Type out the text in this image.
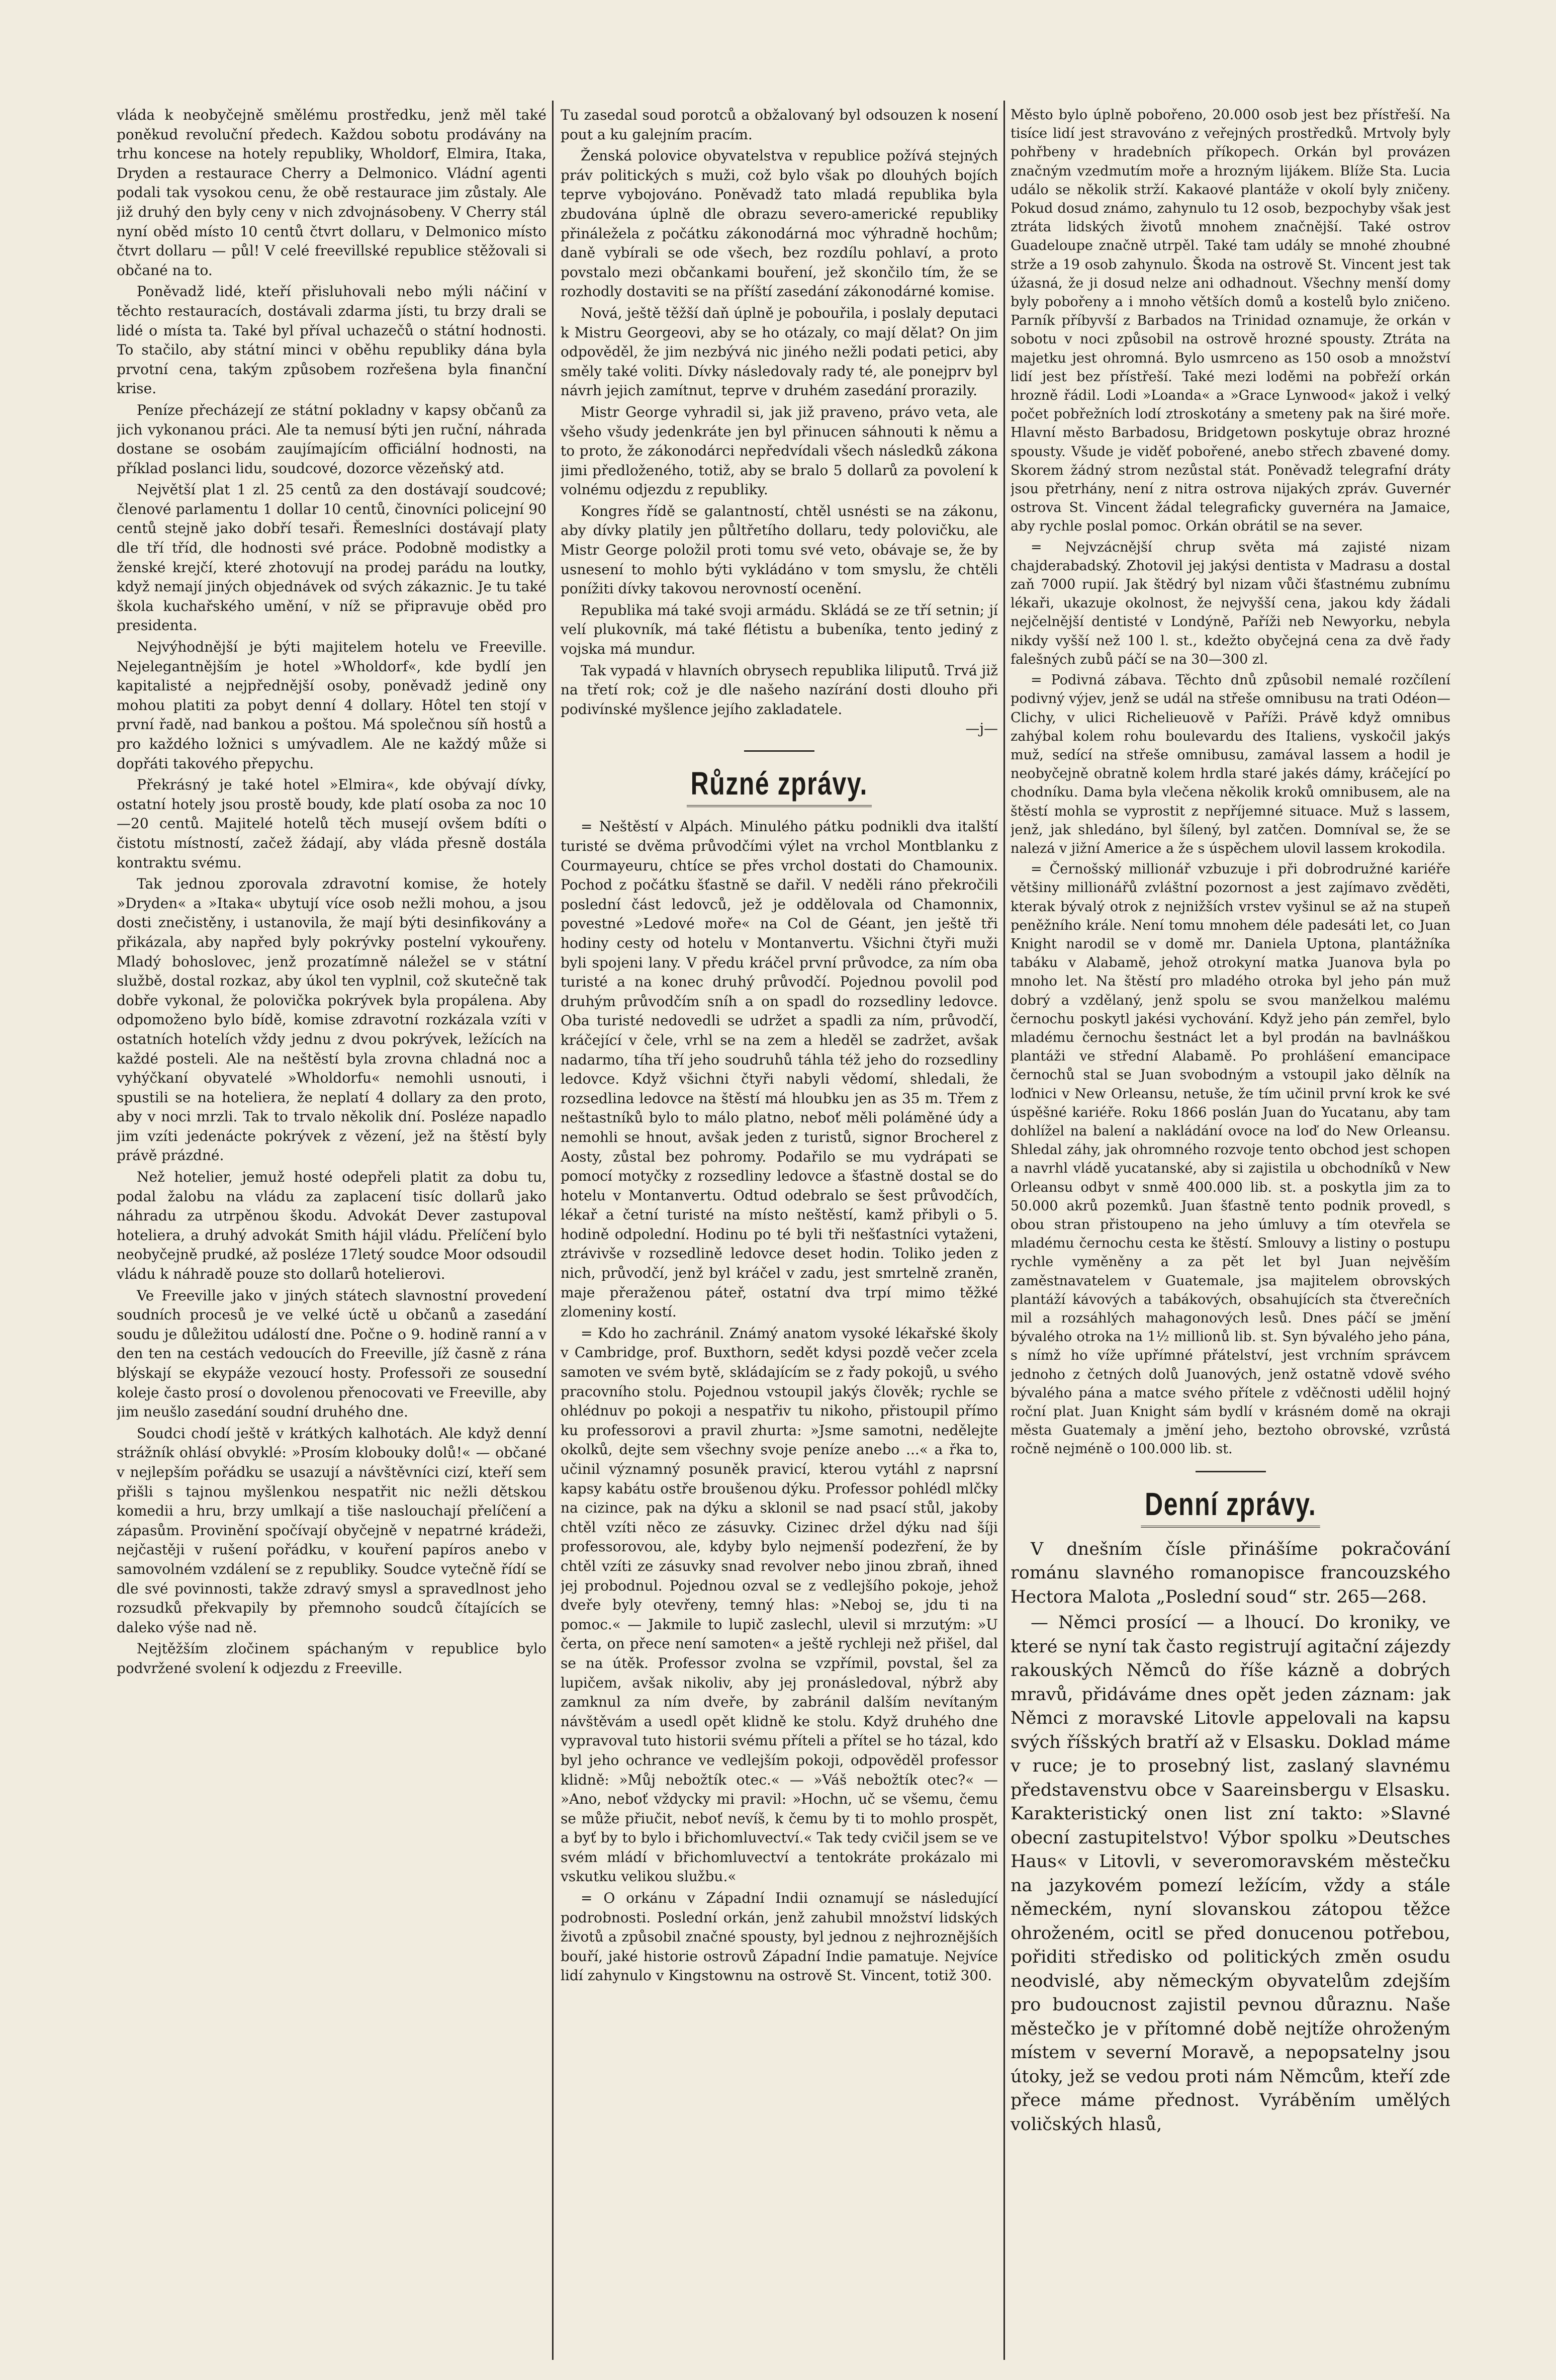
vláda k neobyčejně smělému prostředku, jenž měl také poněkud revoluční předech. Každou sobotu prodávány na trhu koncese na hotely republiky, Wholdorf, Elmira, Itaka, Dryden a restaurace Cherry a Delmonico. Vládní agenti podali tak vysokou cenu, že obě restaurace jim zůstaly. Ale již druhý den byly ceny v nich zdvojnásobeny. V Cherry stál nyní oběd místo 10 centů čtvrt dollaru, v Delmonico místo čtvrt dollaru — půl! V celé freevillské republice stěžovali si občané na to.

Poněvadž lidé, kteří přisluhovali nebo mýli náčiní v těchto restauracích, dostávali zdarma jísti, tu brzy drali se lidé o místa ta. Také byl příval uchazečů o státní hodnosti. To stačilo, aby státní minci v oběhu republiky dána byla prvotní cena, takým způsobem rozřešena byla finanční krise.

Peníze přecházejí ze státní pokladny v kapsy občanů za jich vykonanou práci. Ale ta nemusí býti jen ruční, náhrada dostane se osobám zaujímajícím officiální hodnosti, na příklad poslanci lidu, soudcové, dozorce vězeňský atd.

Největší plat 1 zl. 25 centů za den dostávají soudcové; členové parlamentu 1 dollar 10 centů, činovníci policejní 90 centů stejně jako dobří tesaři. Řemeslníci dostávají platy dle tří tříd, dle hodnosti své práce. Podobně modistky a ženské krejčí, které zhotovují na prodej parádu na loutky, když nemají jiných objednávek od svých zákaznic. Je tu také škola kuchařského umění, v níž se připravuje oběd pro presidenta.

Nejvýhodnější je býti majitelem hotelu ve Freeville. Nejelegantnějším je hotel »Wholdorf«, kde bydlí jen kapitalisté a nejpřednější osoby, poněvadž jedině ony mohou platiti za pobyt denní 4 dollary. Hôtel ten stojí v první řadě, nad bankou a poštou. Má společnou síň hostů a pro každého ložnici s umývadlem. Ale ne každý může si dopřáti takového přepychu.

Překrásný je také hotel »Elmira«, kde obývají dívky, ostatní hotely jsou prostě boudy, kde platí osoba za noc 10—20 centů. Majitelé hotelů těch musejí ovšem bdíti o čistotu místností, začež žádají, aby vláda přesně dostála kontraktu svému.

Tak jednou zporovala zdravotní komise, že hotely »Dryden« a »Itaka« ubytují více osob nežli mohou, a jsou dosti znečistěny, i ustanovila, že mají býti desinfikovány a přikázala, aby napřed byly pokrývky postelní vykouřeny. Mladý bohoslovec, jenž prozatímně náležel se v státní službě, dostal rozkaz, aby úkol ten vyplnil, což skutečně tak dobře vykonal, že polovička pokrývek byla propálena. Aby odpomoženo bylo bídě, komise zdravotní rozkázala vzíti v ostatních hotelích vždy jednu z dvou pokrývek, ležících na každé posteli. Ale na neštěstí byla zrovna chladná noc a vyhýčkaní obyvatelé »Wholdorfu« nemohli usnouti, i spustili se na hoteliera, že neplatí 4 dollary za den proto, aby v noci mrzli. Tak to trvalo několik dní. Posléze napadlo jim vzíti jedenácte pokrývek z vězení, jež na štěstí byly právě prázdné.

Než hotelier, jemuž hosté odepřeli platit za dobu tu, podal žalobu na vládu za zaplacení tisíc dollarů jako náhradu za utrpěnou škodu. Advokát Dever zastupoval hoteliera, a druhý advokát Smith hájil vládu. Přelíčení bylo neobyčejně prudké, až posléze 17letý soudce Moor odsoudil vládu k náhradě pouze sto dollarů hotelierovi.

Ve Freeville jako v jiných státech slavnostní provedení soudních procesů je ve velké úctě u občanů a zasedání soudu je důležitou událostí dne. Počne o 9. hodině ranní a v den ten na cestách vedoucích do Freeville, jíž časně z rána blýskají se ekypáže vezoucí hosty. Professoři ze sousední koleje často prosí o dovolenou přenocovati ve Freeville, aby jim neušlo zasedání soudní druhého dne.

Soudci chodí ještě v krátkých kalhotách. Ale když denní strážník ohlásí obvyklé: »Prosím klobouky dolů!« — občané v nejlepším pořádku se usazují a návštěvníci cizí, kteří sem přišli s tajnou myšlenkou nespatřit nic nežli dětskou komedii a hru, brzy umlkají a tiše naslouchají přelíčení a zápasům. Provinění spočívají obyčejně v nepatrné krádeži, nejčastěji v rušení pořádku, v kouření papíros anebo v samovolném vzdálení se z republiky. Soudce vytečně řídí se dle své povinnosti, takže zdravý smysl a spravedlnost jeho rozsudků překvapily by přemnoho soudců čítajících se daleko výše nad ně.

Nejtěžším zločinem spáchaným v republice bylo podvržené svolení k odjezdu z Freeville.

Tu zasedal soud porotců a obžalovaný byl odsouzen k nosení pout a ku galejním pracím.

Ženská polovice obyvatelstva v republice požívá stejných práv politických s muži, což bylo však po dlouhých bojích teprve vybojováno. Poněvadž tato mladá republika byla zbudována úplně dle obrazu severo-americké republiky přináležela z počátku zákonodárná moc výhradně hochům; daně vybírali se ode všech, bez rozdílu pohlaví, a proto povstalo mezi občankami bouření, jež skončilo tím, že se rozhodly dostaviti se na příští zasedání zákonodárné komise.

Nová, ještě těžší daň úplně je pobouřila, i poslaly deputaci k Mistru Georgeovi, aby se ho otázaly, co mají dělat? On jim odpověděl, že jim nezbývá nic jiného nežli podati petici, aby směly také voliti. Dívky následovaly rady té, ale ponejprv byl návrh jejich zamítnut, teprve v druhém zasedání prorazily.

Mistr George vyhradil si, jak již praveno, právo veta, ale všeho všudy jedenkráte jen byl přinucen sáhnouti k němu a to proto, že zákonodárci nepředvídali všech následků zákona jimi předloženého, totiž, aby se bralo 5 dollarů za povolení k volnému odjezdu z republiky.

Kongres řídě se galantností, chtěl usnésti se na zákonu, aby dívky platily jen půltřetího dollaru, tedy polovičku, ale Mistr George položil proti tomu své veto, obávaje se, že by usnesení to mohlo býti vykládáno v tom smyslu, že chtěli ponížiti dívky takovou nerovností ocenění.

Republika má také svoji armádu. Skládá se ze tří setnin; jí velí plukovník, má také flétistu a bubeníka, tento jediný z vojska má mundur.

Tak vypadá v hlavních obrysech republika liliputů. Trvá již na třetí rok; což je dle našeho nazírání dosti dlouho při podivínské myšlence jejího zakladatele.

—j—
Různé zprávy.

= Neštěstí v Alpách. Minulého pátku podnikli dva italští turisté se dvěma průvodčími výlet na vrchol Montblanku z Courmayeuru, chtíce se přes vrchol dostati do Chamounix. Pochod z počátku šťastně se dařil. V neděli ráno překročili poslední část ledovců, jež je oddělovala od Chamonnix, povestné »Ledové moře« na Col de Géant, jen ještě tři hodiny cesty od hotelu v Montanvertu. Všichni čtyři muži byli spojeni lany. V předu kráčel první průvodce, za ním oba turisté a na konec druhý průvodčí. Pojednou povolil pod druhým průvodčím sníh a on spadl do rozsedliny ledovce. Oba turisté nedovedli se udržet a spadli za ním, průvodčí, kráčející v čele, vrhl se na zem a hleděl se zadržet, avšak nadarmo, tíha tří jeho soudruhů táhla též jeho do rozsedliny ledovce. Když všichni čtyři nabyli vědomí, shledali, že rozsedlina ledovce na štěstí má hloubku jen as 35 m. Třem z neštastníků bylo to málo platno, neboť měli poláměné údy a nemohli se hnout, avšak jeden z turistů, signor Brocherel z Aosty, zůstal bez pohromy. Podařilo se mu vydrápati se pomocí motyčky z rozsedliny ledovce a šťastně dostal se do hotelu v Montanvertu. Odtud odebralo se šest průvodčích, lékař a četní turisté na místo neštěstí, kamž přibyli o 5. hodině odpolední. Hodinu po té byli tři nešťastníci vytaženi, ztrávivše v rozsedlině ledovce deset hodin. Toliko jeden z nich, průvodčí, jenž byl kráčel v zadu, jest smrtelně zraněn, maje přeraženou páteř, ostatní dva trpí mimo těžké zlomeniny kostí.

= Kdo ho zachránil. Známý anatom vysoké lékařské školy v Cambridge, prof. Buxthorn, sedět kdysi pozdě večer zcela samoten ve svém bytě, skládajícím se z řady pokojů, u svého pracovního stolu. Pojednou vstoupil jakýs člověk; rychle se ohlédnuv po pokoji a nespatřiv tu nikoho, přistoupil přímo ku professorovi a pravil zhurta: »Jsme samotni, nedělejte okolků, dejte sem všechny svoje peníze anebo ...« a řka to, učinil významný posuněk pravicí, kterou vytáhl z naprsní kapsy kabátu ostře broušenou dýku. Professor pohlédl mlčky na cizince, pak na dýku a sklonil se nad psací stůl, jakoby chtěl vzíti něco ze zásuvky. Cizinec držel dýku nad šíji professorovou, ale, kdyby bylo nejmenší podezření, že by chtěl vzíti ze zásuvky snad revolver nebo jinou zbraň, ihned jej probodnul. Pojednou ozval se z vedlejšího pokoje, jehož dveře byly otevřeny, temný hlas: »Neboj se, jdu ti na pomoc.« — Jakmile to lupič zaslechl, ulevil si mrzutým: »U čerta, on přece není samoten« a ještě rychleji než přišel, dal se na útěk. Professor zvolna se vzpřímil, povstal, šel za lupičem, avšak nikoliv, aby jej pronásledoval, nýbrž aby zamknul za ním dveře, by zabránil dalším nevítaným návštěvám a usedl opět klidně ke stolu. Když druhého dne vypravoval tuto historii svému příteli a přítel se ho tázal, kdo byl jeho ochrance ve vedlejším pokoji, odpověděl professor klidně: »Můj nebožtík otec.« — »Váš nebožtík otec?« — »Ano, neboť vždycky mi pravil: »Hochn, uč se všemu, čemu se může přiučit, neboť nevíš, k čemu by ti to mohlo prospět, a byť by to bylo i břichomluvectví.« Tak tedy cvičil jsem se ve svém mládí v břichomluvectví a tentokráte prokázalo mi vskutku velikou službu.«

= O orkánu v Západní Indii oznamují se následující podrobnosti. Poslední orkán, jenž zahubil množství lidských životů a způsobil značné spousty, byl jednou z nejhroznějších bouří, jaké historie ostrovů Západní Indie pamatuje. Nejvíce lidí zahynulo v Kingstownu na ostrově St. Vincent, totiž 300.

Město bylo úplně pobořeno, 20.000 osob jest bez přístřeší. Na tisíce lidí jest stravováno z veřejných prostředků. Mrtvoly byly pohřbeny v hradebních příkopech. Orkán byl provázen značným vzedmutím moře a hrozným lijákem. Blíže Sta. Lucia událo se několik strží. Kakaové plantáže v okolí byly zničeny. Pokud dosud známo, zahynulo tu 12 osob, bezpochyby však jest ztráta lidských životů mnohem značnější. Také ostrov Guadeloupe značně utrpěl. Také tam udály se mnohé zhoubné strže a 19 osob zahynulo. Škoda na ostrově St. Vincent jest tak úžasná, že ji dosud nelze ani odhadnout. Všechny menší domy byly pobořeny a i mnoho větších domů a kostelů bylo zničeno. Parník příbyvší z Barbados na Trinidad oznamuje, že orkán v sobotu v noci způsobil na ostrově hrozné spousty. Ztráta na majetku jest ohromná. Bylo usmrceno as 150 osob a množství lidí jest bez přístřeší. Také mezi loděmi na pobřeží orkán hrozně řádil. Lodi »Loanda« a »Grace Lynwood« jakož i velký počet pobřežních lodí ztroskotány a smeteny pak na širé moře. Hlavní město Barbadosu, Bridgetown poskytuje obraz hrozné spousty. Všude je viděť pobořené, anebo střech zbavené domy. Skorem žádný strom nezůstal stát. Poněvadž telegrafní dráty jsou přetrhány, není z nitra ostrova nijakých zpráv. Guvernér ostrova St. Vincent žádal telegraficky guvernéra na Jamaice, aby rychle poslal pomoc. Orkán obrátil se na sever.

= Nejvzácnější chrup světa má zajisté nizam chajderabadský. Zhotovil jej jakýsi dentista v Madrasu a dostal zaň 7000 rupií. Jak štědrý byl nizam vůči šťastnému zubnímu lékaři, ukazuje okolnost, že nejvyšší cena, jakou kdy žádali nejčelnější dentisté v Londýně, Paříži neb Newyorku, nebyla nikdy vyšší než 100 l. st., kdežto obyčejná cena za dvě řady falešných zubů páčí se na 30—300 zl.

= Podivná zábava. Těchto dnů způsobil nemalé rozčílení podivný výjev, jenž se udál na střeše omnibusu na trati Odéon—Clichy, v ulici Richelieuově v Paříži. Právě když omnibus zahýbal kolem rohu boulevardu des Italiens, vyskočil jakýs muž, sedící na střeše omnibusu, zamával lassem a hodil je neobyčejně obratně kolem hrdla staré jakés dámy, kráčející po chodníku. Dama byla vlečena několik kroků omnibusem, ale na štěstí mohla se vyprostit z nepříjemné situace. Muž s lassem, jenž, jak shledáno, byl šílený, byl zatčen. Domníval se, že se nalezá v jižní Americe a že s úspěchem ulovil lassem krokodila.

= Černošský millionář vzbuzuje i při dobrodružné kariéře většiny millionářů zvláštní pozornost a jest zajímavo zvěděti, kterak bývalý otrok z nejnižších vrstev vyšinul se až na stupeň peněžního krále. Není tomu mnohem déle padesáti let, co Juan Knight narodil se v domě mr. Daniela Uptona, plantážníka tabáku v Alabamě, jehož otrokyní matka Juanova byla po mnoho let. Na štěstí pro mladého otroka byl jeho pán muž dobrý a vzdělaný, jenž spolu se svou manželkou malému černochu poskytl jakési vychování. Když jeho pán zemřel, bylo mladému černochu šestnáct let a byl prodán na bavlnáškou plantáži ve střední Alabamě. Po prohlášení emancipace černochů stal se Juan svobodným a vstoupil jako dělník na loďnici v New Orleansu, netuše, že tím učinil první krok ke své úspěšné kariéře. Roku 1866 poslán Juan do Yucatanu, aby tam dohlížel na balení a nakládání ovoce na loď do New Orleansu. Shledal záhy, jak ohromného rozvoje tento obchod jest schopen a navrhl vládě yucatanské, aby si zajistila u obchodníků v New Orleansu odbyt v snmě 400.000 lib. st. a poskytla jim za to 50.000 akrů pozemků. Juan šťastně tento podnik provedl, s obou stran přistoupeno na jeho úmluvy a tím otevřela se mladému černochu cesta ke štěstí. Smlouvy a listiny o postupu rychle vyměněny a za pět let byl Juan nejvěším zaměstnavatelem v Guatemale, jsa majitelem obrovských plantáží kávových a tabákových, obsahujících sta čtverečních mil a rozsáhlých mahagonových lesů. Dnes páčí se jmění bývalého otroka na 1½ millionů lib. st. Syn bývalého jeho pána, s nímž ho víže upřímné přátelství, jest vrchním správcem jednoho z četných dolů Juanových, jenž ostatně vdově svého bývalého pána a matce svého přítele z vděčnosti udělil hojný roční plat. Juan Knight sám bydlí v krásném domě na okraji města Guatemaly a jmění jeho, beztoho obrovské, vzrůstá ročně nejméně o 100.000 lib. st.

Denní zprávy.

V dnešním čísle přinášíme pokračování románu slavného romanopisce francouzského Hectora Malota „Poslední soud“ str. 265—268.

— Němci prosící — a lhoucí. Do kroniky, ve které se nyní tak často registrují agitační zájezdy rakouských Němců do říše kázně a dobrých mravů, přidáváme dnes opět jeden záznam: jak Němci z moravské Litovle appelovali na kapsu svých říšských bratří až v Elsasku. Doklad máme v ruce; je to prosebný list, zaslaný slavnému představenstvu obce v Saareinsbergu v Elsasku. Karakteristický onen list zní takto: »Slavné obecní zastupitelstvo! Výbor spolku »Deutsches Haus« v Litovli, v severomoravském městečku na jazykovém pomezí ležícím, vždy a stále německém, nyní slovanskou zátopou těžce ohroženém, ocitl se před donucenou potřebou, pořiditi středisko od politických změn osudu neodvislé, aby německým obyvatelům zdejším pro budoucnost zajistil pevnou důraznu. Naše městečko je v přítomné době nejtíže ohroženým místem v severní Moravě, a nepopsatelny jsou útoky, jež se vedou proti nám Němcům, kteří zde přece máme přednost. Vyráběním umělých voličských hlasů,
